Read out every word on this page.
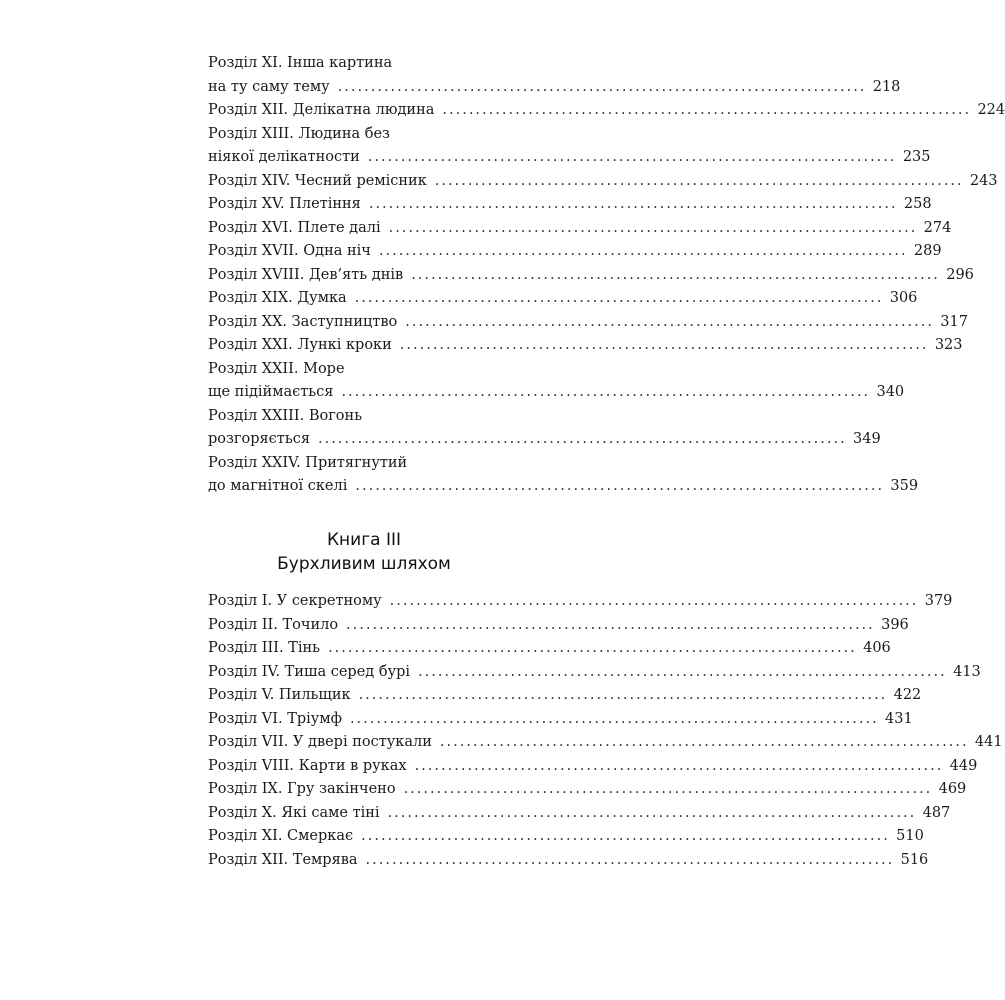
Розділ XI. Інша картина
на ту саму тему ................................................................................ 218
Розділ XII. Делікатна людина ................................................................................ 224
Розділ XIII. Людина без
ніякої делікатности ................................................................................ 235
Розділ XIV. Чесний ремісник ................................................................................ 243
Розділ XV. Плетіння ................................................................................ 258
Розділ XVI. Плете далі ................................................................................ 274
Розділ XVII. Одна ніч ................................................................................ 289
Розділ XVIII. Дев’ять днів ................................................................................ 296
Розділ XIX. Думка ................................................................................ 306
Розділ XX. Заступництво ................................................................................ 317
Розділ XXI. Лункі кроки ................................................................................ 323
Розділ XXII. Море
ще підіймається ................................................................................ 340
Розділ XXIII. Вогонь
розгоряється ................................................................................ 349
Розділ XXIV. Притягнутий
до магнітної скелі ................................................................................ 359
Книга III
Бурхливим шляхом
Розділ I. У секретному ................................................................................ 379
Розділ II. Точило ................................................................................ 396
Розділ III. Тінь ................................................................................ 406
Розділ IV. Тиша серед бурі ................................................................................ 413
Розділ V. Пильщик ................................................................................ 422
Розділ VI. Тріумф ................................................................................ 431
Розділ VII. У двері постукали ................................................................................ 441
Розділ VIII. Карти в руках ................................................................................ 449
Розділ IX. Гру закінчено ................................................................................ 469
Розділ X. Які саме тіні ................................................................................ 487
Розділ XI. Смеркає ................................................................................ 510
Розділ XII. Темрява ................................................................................ 516
